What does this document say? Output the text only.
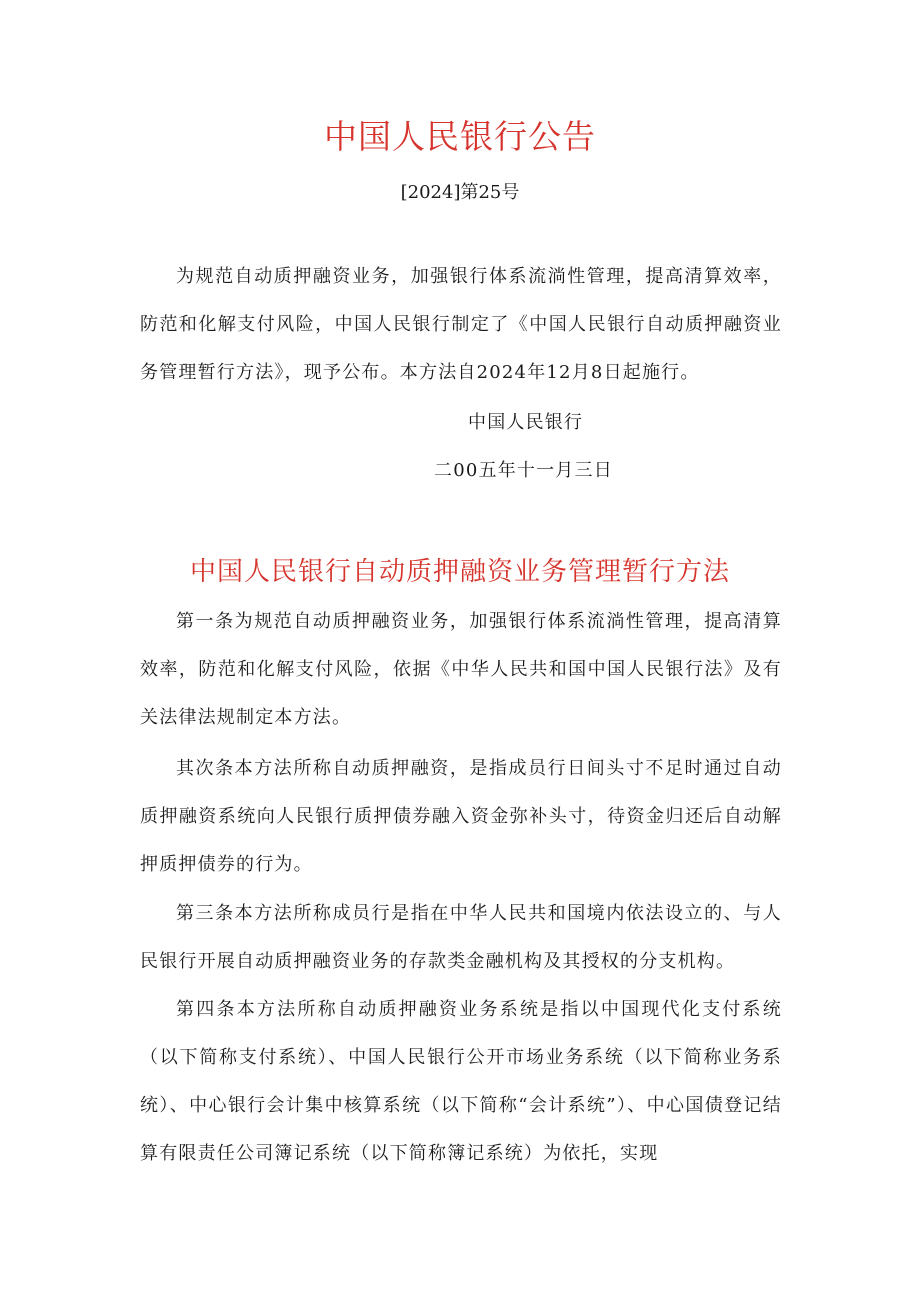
中国人民银行公告
[2024]第25号

为规范自动质押融资业务，加强银行体系流淌性管理，提高清算效率，防范和化解支付风险，中国人民银行制定了《中国人民银行自动质押融资业务管理暂行方法》，现予公布。本方法自2024年12月8日起施行。

中国人民银行
二00五年十一月三日
中国人民银行自动质押融资业务管理暂行方法

第一条为规范自动质押融资业务，加强银行体系流淌性管理，提高清算效率，防范和化解支付风险，依据《中华人民共和国中国人民银行法》及有关法律法规制定本方法。

其次条本方法所称自动质押融资，是指成员行日间头寸不足时通过自动质押融资系统向人民银行质押债券融入资金弥补头寸，待资金归还后自动解押质押债券的行为。

第三条本方法所称成员行是指在中华人民共和国境内依法设立的、与人民银行开展自动质押融资业务的存款类金融机构及其授权的分支机构。

第四条本方法所称自动质押融资业务系统是指以中国现代化支付系统（以下简称支付系统）、中国人民银行公开市场业务系统（以下简称业务系统）、中心银行会计集中核算系统（以下简称“会计系统”）、中心国债登记结算有限责任公司簿记系统（以下简称簿记系统）为依托，实现
